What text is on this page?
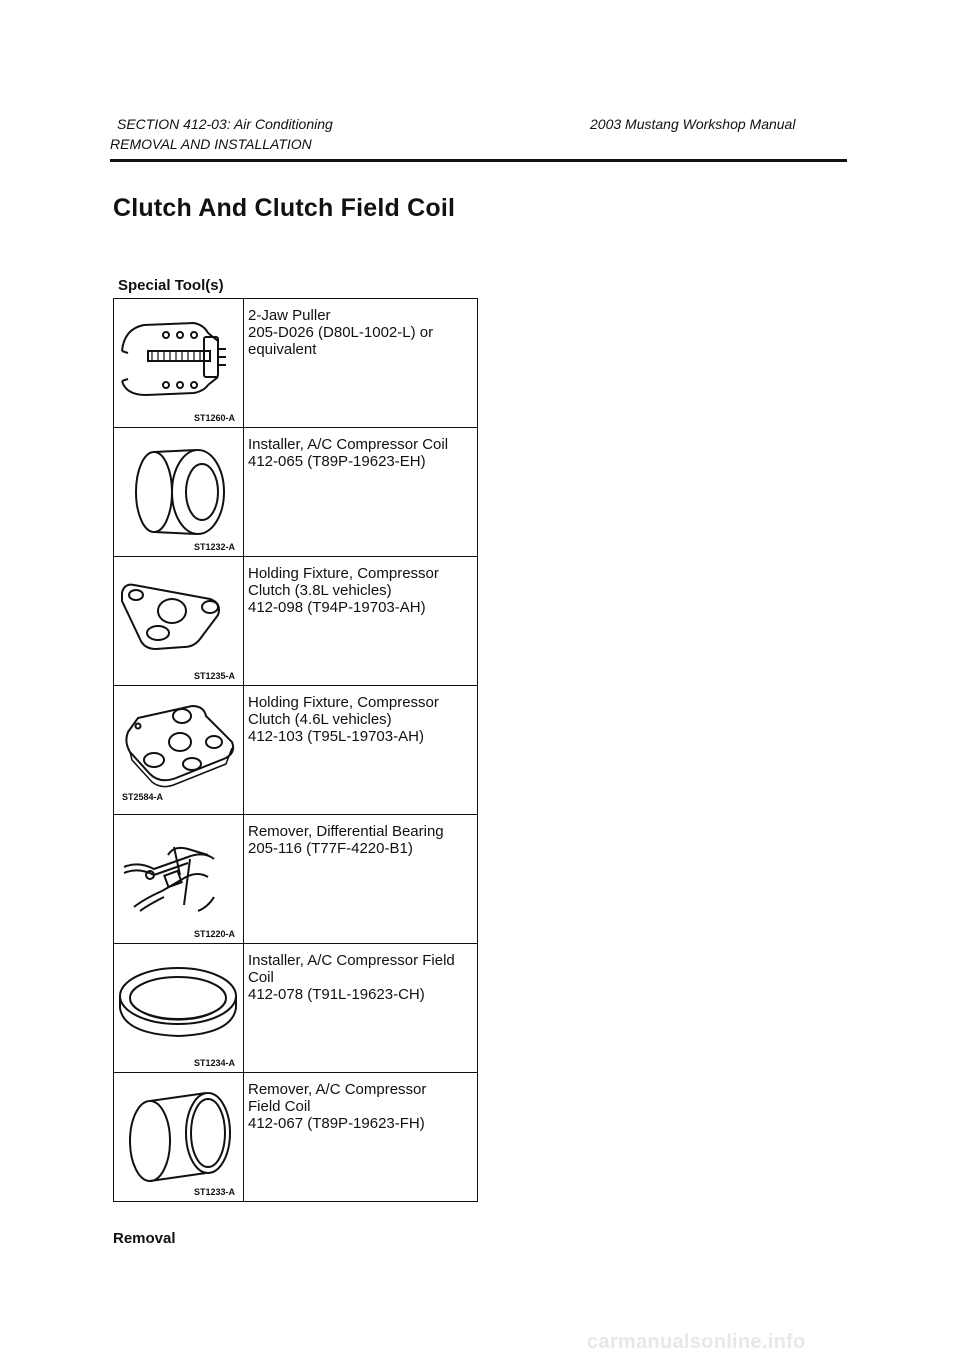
SECTION 412-03: Air Conditioning	2003 Mustang Workshop Manual
REMOVAL AND INSTALLATION
Clutch And Clutch Field Coil
Special Tool(s)
ST1260-A	2-Jaw Puller
205-D026 (D80L-1002-L) or
equivalent

ST1232-A	Installer, A/C Compressor Coil
412-065 (T89P-19623-EH)

ST1235-A	Holding Fixture, Compressor
Clutch (3.8L vehicles)
412-098 (T94P-19703-AH)

ST2584-A	Holding Fixture, Compressor
Clutch (4.6L vehicles)
412-103 (T95L-19703-AH)

ST1220-A	Remover, Differential Bearing
205-116 (T77F-4220-B1)

ST1234-A	Installer, A/C Compressor Field
Coil
412-078 (T91L-19623-CH)

ST1233-A	Remover, A/C Compressor
Field Coil
412-067 (T89P-19623-FH)
Removal
carmanualsonline.info
